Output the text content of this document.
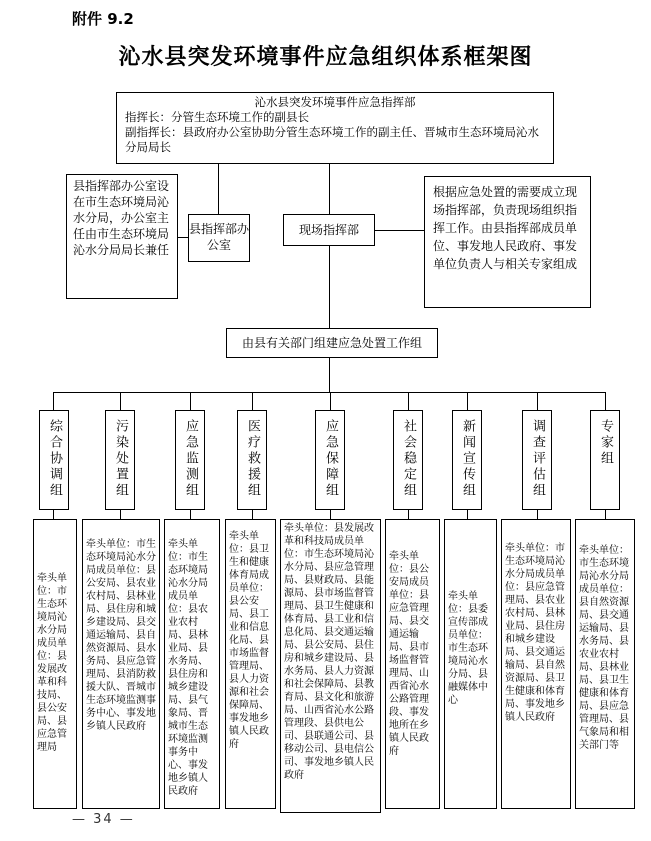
附件 9.2
沁水县突发环境事件应急组织体系框架图
沁水县突发环境事件应急指挥部
指挥长：分管生态环境工作的副县长
副指挥长：县政府办公室协助分管生态环境工作的副主任、晋城市生态环境局沁水分局局长
县指挥部办公室设在市生态环境局沁水分局，办公室主任由市生态环境局沁水分局局长兼任
县指挥部办公室
现场指挥部
根据应急处置的需要成立现场指挥部，负责现场组织指挥工作。由县指挥部成员单位、事发地人民政府、事发单位负责人与相关专家组成
由县有关部门组建应急处置工作组
综合协调组	污染处置组	应急监测组	医疗救援组	应急保障组	社会稳定组	新闻宣传组	调查评估组	专家组
牵头单位：市生态环境局沁水分局成员单位：县发展改革和科技局、县公安局、县应急管理局
牵头单位：市生态环境局沁水分局成员单位：县公安局、县农业农村局、县林业局、县住房和城乡建设局、县交通运输局、县自然资源局、县水务局、县应急管理局、县消防救援大队、晋城市生态环境监测事务中心、事发地乡镇人民政府
牵头单位：市生态环境局沁水分局成员单位：县农业农村局、县林业局、县水务局、县住房和城乡建设局、县气象局、晋城市生态环境监测事务中心、事发地乡镇人民政府
牵头单位：县卫生和健康体育局成员单位：县公安局、县工业和信息化局、县市场监督管理局、县人力资源和社会保障局、事发地乡镇人民政府
牵头单位：县发展改革和科技局成员单位：市生态环境局沁水分局、县应急管理局、县财政局、县能源局、县市场监督管理局、县卫生健康和体育局、县工业和信息化局、县交通运输局、县公安局、县住房和城乡建设局、县水务局、县人力资源和社会保障局、县教育局、县文化和旅游局、山西省沁水公路管理段、县供电公司、县联通公司、县移动公司、县电信公司、事发地乡镇人民政府
牵头单位：县公安局成员单位：县应急管理局、县交通运输局、县市场监督管理局、山西省沁水公路管理段、事发地所在乡镇人民政府
牵头单位：县委宣传部成员单位：市生态环境局沁水分局、县融媒体中心
牵头单位：市生态环境局沁水分局成员单位：县应急管理局、县农业农村局、县林业局、县住房和城乡建设局、县交通运输局、县自然资源局、县卫生健康和体育局、事发地乡镇人民政府
牵头单位：市生态环境局沁水分局成员单位：县自然资源局、县交通运输局、县水务局、县农业农村局、县林业局、县卫生健康和体育局、县应急管理局、县气象局和相关部门等
— 34 —
